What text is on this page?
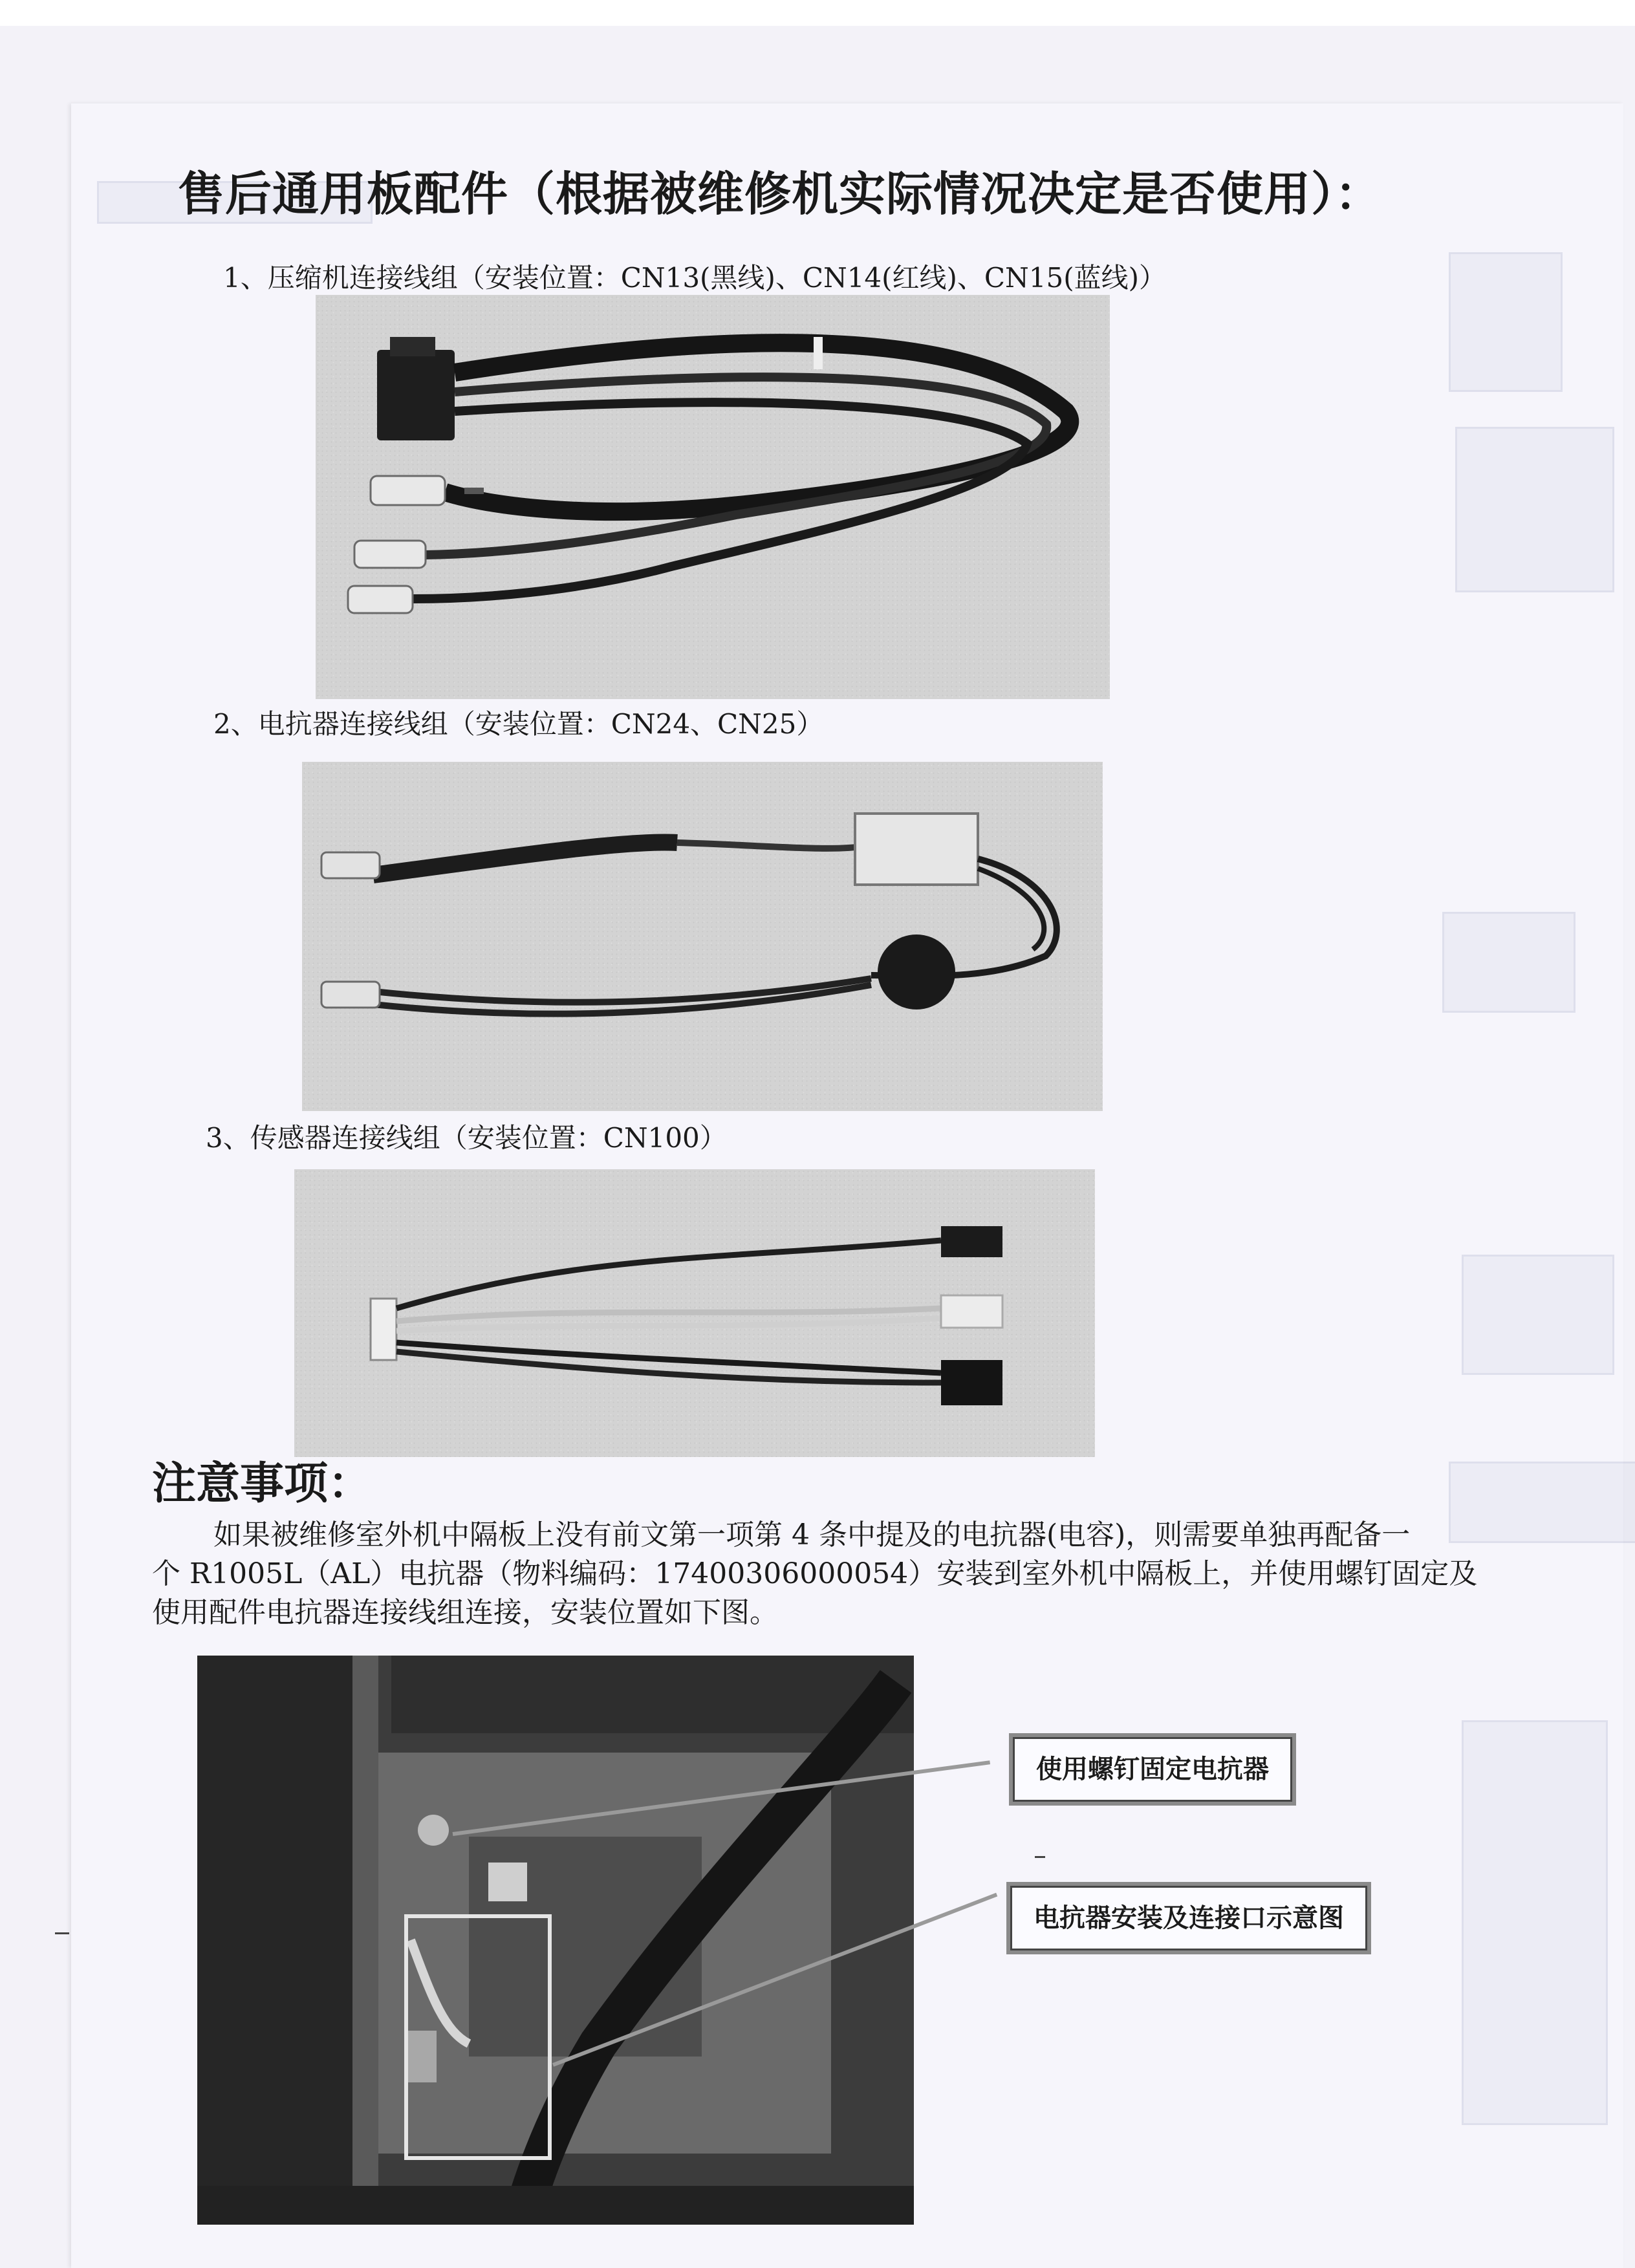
售后通用板配件（根据被维修机实际情况决定是否使用）：
1、压缩机连接线组（安装位置：CN13(黑线)、CN14(红线)、CN15(蓝线)）
2、电抗器连接线组（安装位置：CN24、CN25）
3、传感器连接线组（安装位置：CN100）
注意事项：
如果被维修室外机中隔板上没有前文第一项第 4 条中提及的电抗器(电容)，则需要单独再配备一
个 R1005L（AL）电抗器（物料编码：17400306000054）安装到室外机中隔板上，并使用螺钉固定及
使用配件电抗器连接线组连接，安装位置如下图。
使用螺钉固定电抗器
电抗器安装及连接口示意图
